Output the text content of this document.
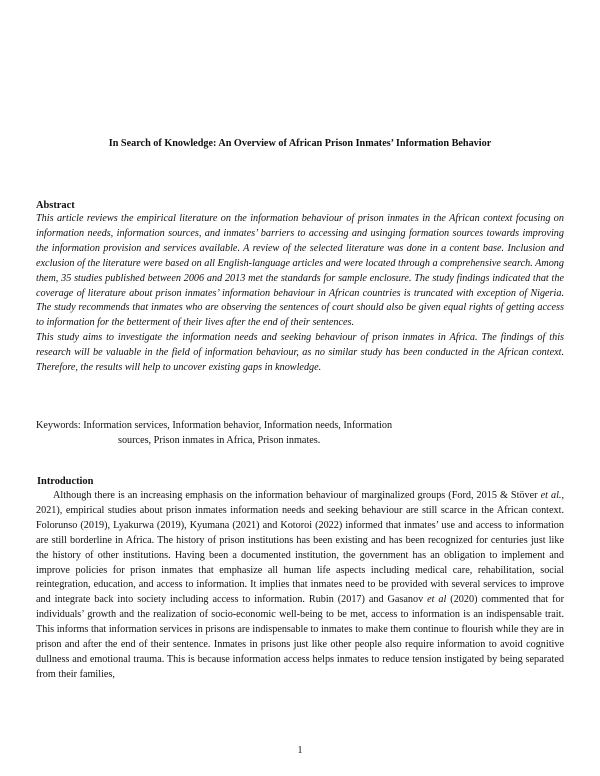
In Search of Knowledge: An Overview of African Prison Inmates’ Information Behavior
Abstract

This article reviews the empirical literature on the information behaviour of prison inmates in the African context focusing on information needs, information sources, and inmates’ barriers to accessing and usinging formation sources towards improving the information provision and services available. A review of the selected literature was done in a content base. Inclusion and exclusion of the literature were based on all English-language articles and were located through a comprehensive search. Among them, 35 studies published between 2006 and 2013 met the standards for sample enclosure. The study findings indicated that the coverage of literature about prison inmates’ information behaviour in African countries is truncated with exception of Nigeria. The study recommends that inmates who are observing the sentences of court should also be given equal rights of getting access to information for the betterment of their lives after the end of their sentences.

This study aims to investigate the information needs and seeking behaviour of prison inmates in Africa. The findings of this research will be valuable in the field of information behaviour, as no similar study has been conducted in the African context. Therefore, the results will help to uncover existing gaps in knowledge.

Keywords: Information services, Information behavior, Information needs, Information
sources, Prison inmates in Africa, Prison inmates.
Introduction

Although there is an increasing emphasis on the information behaviour of marginalized groups (Ford, 2015 & Stöver et al., 2021), empirical studies about prison inmates information needs and seeking behaviour are still scarce in the African context. Folorunso (2019), Lyakurwa (2019), Kyumana (2021) and Kotoroi (2022) informed that inmates’ use and access to information are still borderline in Africa. The history of prison institutions has been existing and has been recognized for centuries just like the history of other institutions. Having been a documented institution, the government has an obligation to implement and improve policies for prison inmates that emphasize all human life aspects including medical care, rehabilitation, social reintegration, education, and access to information. It implies that inmates need to be provided with several services to improve and integrate back into society including access to information. Rubin (2017) and Gasanov et al (2020) commented that for individuals’ growth and the realization of socio-economic well-being to be met, access to information is an indispensable trait. This informs that information services in prisons are indispensable to inmates to make them continue to flourish while they are in prison and after the end of their sentence. Inmates in prisons just like other people also require information to avoid cognitive dullness and emotional trauma. This is because information access helps inmates to reduce tension instigated by being separated from their families,

1
